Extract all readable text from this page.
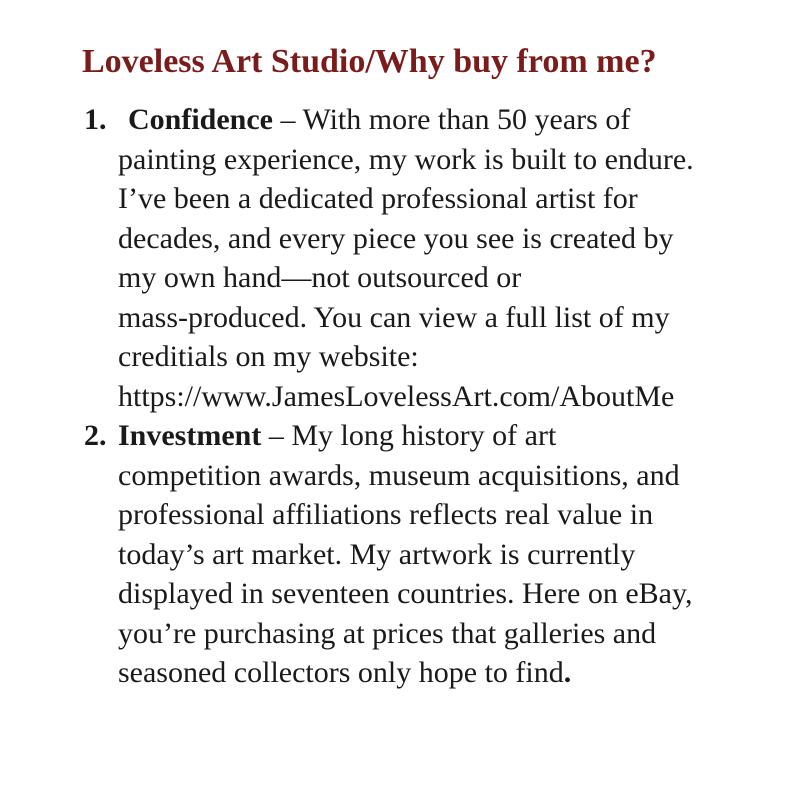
Loveless Art Studio/Why buy from me?
1. Confidence – With more than 50 years of
painting experience, my work is built to endure.
I’ve been a dedicated professional artist for
decades, and every piece you see is created by
my own hand—not outsourced or
mass-produced. You can view a full list of my
creditials on my website:
https://www.JamesLovelessArt.com/AboutMe
2. Investment – My long history of art
competition awards, museum acquisitions, and
professional affiliations reflects real value in
today’s art market. My artwork is currently
displayed in seventeen countries. Here on eBay,
you’re purchasing at prices that galleries and
seasoned collectors only hope to find.
